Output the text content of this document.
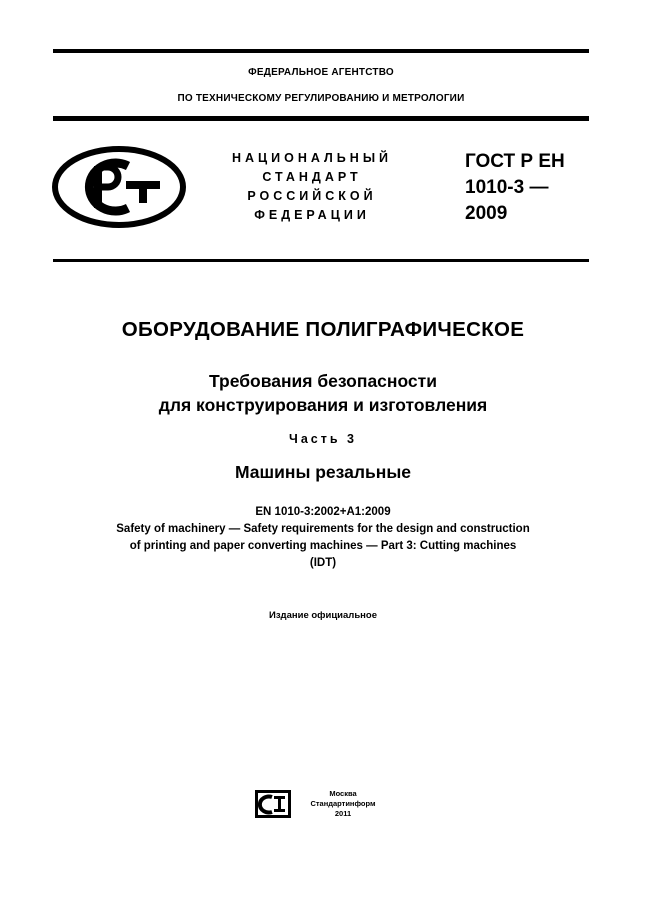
ФЕДЕРАЛЬНОЕ АГЕНТСТВО
ПО ТЕХНИЧЕСКОМУ РЕГУЛИРОВАНИЮ И МЕТРОЛОГИИ
НАЦИОНАЛЬНЫЙ
СТАНДАРТ
РОССИЙСКОЙ
ФЕДЕРАЦИИ
ГОСТ Р ЕН
1010-3 —
2009
ОБОРУДОВАНИЕ ПОЛИГРАФИЧЕСКОЕ
Требования безопасности
для конструирования и изготовления
Часть 3
Машины резальные
EN 1010-3:2002+A1:2009
Safety of machinery — Safety requirements for the design and construction
of printing and paper converting machines — Part 3: Cutting machines
(IDT)
Издание официальное
Москва
Стандартинформ
2011
